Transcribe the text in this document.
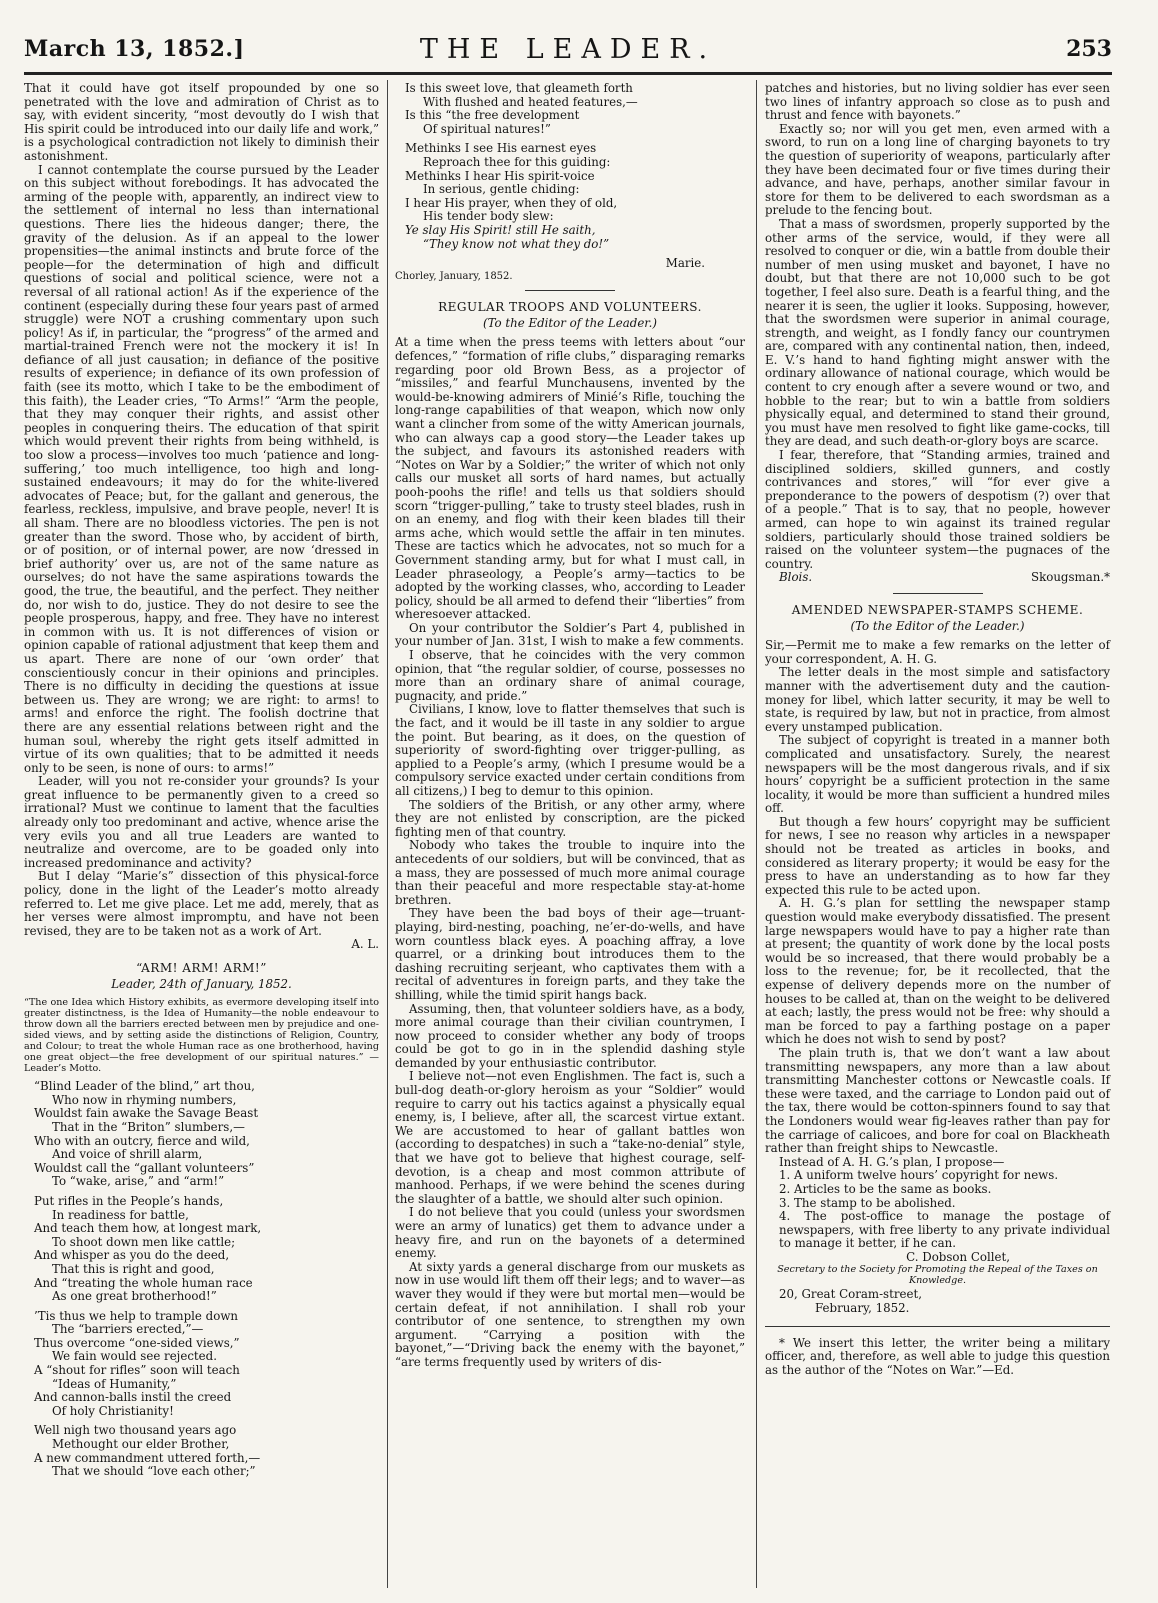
March 13, 1852.]	THE LEADER.	253

That it could have got itself propounded by one so penetrated with the love and admiration of Christ as to say, with evident sincerity, “most devoutly do I wish that His spirit could be introduced into our daily life and work,” is a psychological contradiction not likely to diminish their astonishment.

I cannot contemplate the course pursued by the Leader on this subject without forebodings. It has advocated the arming of the people with, apparently, an indirect view to the settlement of internal no less than international questions. There lies the hideous danger; there, the gravity of the delusion. As if an appeal to the lower propensities—the animal instincts and brute force of the people—for the determination of high and difficult questions of social and political science, were not a reversal of all rational action! As if the experience of the continent (especially during these four years past of armed struggle) were NOT a crushing commentary upon such policy! As if, in particular, the “progress” of the armed and martial-trained French were not the mockery it is! In defiance of all just causation; in defiance of the positive results of experience; in defiance of its own profession of faith (see its motto, which I take to be the embodiment of this faith), the Leader cries, “To Arms!” “Arm the people, that they may conquer their rights, and assist other peoples in conquering theirs. The education of that spirit which would prevent their rights from being withheld, is too slow a process—involves too much ‘patience and long-suffering,’ too much intelligence, too high and long-sustained endeavours; it may do for the white-livered advocates of Peace; but, for the gallant and generous, the fearless, reckless, impulsive, and brave people, never! It is all sham. There are no bloodless victories. The pen is not greater than the sword. Those who, by accident of birth, or of position, or of internal power, are now ‘dressed in brief authority’ over us, are not of the same nature as ourselves; do not have the same aspirations towards the good, the true, the beautiful, and the perfect. They neither do, nor wish to do, justice. They do not desire to see the people prosperous, happy, and free. They have no interest in common with us. It is not differences of vision or opinion capable of rational adjustment that keep them and us apart. There are none of our ‘own order’ that conscientiously concur in their opinions and principles. There is no difficulty in deciding the questions at issue between us. They are wrong; we are right: to arms! to arms! and enforce the right. The foolish doctrine that there are any essential relations between right and the human soul, whereby the right gets itself admitted in virtue of its own qualities; that to be admitted it needs only to be seen, is none of ours: to arms!”

Leader, will you not re-consider your grounds? Is your great influence to be permanently given to a creed so irrational? Must we continue to lament that the faculties already only too predominant and active, whence arise the very evils you and all true Leaders are wanted to neutralize and overcome, are to be goaded only into increased predominance and activity?

But I delay “Marie’s” dissection of this physical-force policy, done in the light of the Leader’s motto already referred to. Let me give place. Let me add, merely, that as her verses were almost impromptu, and have not been revised, they are to be taken not as a work of Art.

A. L.
“ARM! ARM! ARM!”
Leader, 24th of January, 1852.

“The one Idea which History exhibits, as evermore developing itself into greater distinctness, is the Idea of Humanity—the noble endeavour to throw down all the barriers erected between men by prejudice and one-sided views, and by setting aside the distinctions of Religion, Country, and Colour; to treat the whole Human race as one brotherhood, having one great object—the free development of our spiritual natures.” —Leader’s Motto.

“Blind Leader of the blind,” art thou,
Who now in rhyming numbers,
Wouldst fain awake the Savage Beast
That in the “Briton” slumbers,—
Who with an outcry, fierce and wild,
And voice of shrill alarm,
Wouldst call the “gallant volunteers”
To “wake, arise,” and “arm!”
Put rifles in the People’s hands,
In readiness for battle,
And teach them how, at longest mark,
To shoot down men like cattle;
And whisper as you do the deed,
That this is right and good,
And “treating the whole human race
As one great brotherhood!”
’Tis thus we help to trample down
The “barriers erected,”—
Thus overcome “one-sided views,”
We fain would see rejected.
A “shout for rifles” soon will teach
“Ideas of Humanity,”
And cannon-balls instil the creed
Of holy Christianity!
Well nigh two thousand years ago
Methought our elder Brother,
A new commandment uttered forth,—
That we should “love each other;”
Is this sweet love, that gleameth forth
With flushed and heated features,—
Is this “the free development
Of spiritual natures!”
Methinks I see His earnest eyes
Reproach thee for this guiding:
Methinks I hear His spirit-voice
In serious, gentle chiding:
I hear His prayer, when they of old,
His tender body slew:
Ye slay His Spirit! still He saith,
“They know not what they do!”
Marie.
Chorley, January, 1852.
REGULAR TROOPS AND VOLUNTEERS.
(To the Editor of the Leader.)

At a time when the press teems with letters about “our defences,” “formation of rifle clubs,” disparaging remarks regarding poor old Brown Bess, as a projector of “missiles,” and fearful Munchausens, invented by the would-be-knowing admirers of Minié’s Rifle, touching the long-range capabilities of that weapon, which now only want a clincher from some of the witty American journals, who can always cap a good story—the Leader takes up the subject, and favours its astonished readers with “Notes on War by a Soldier;” the writer of which not only calls our musket all sorts of hard names, but actually pooh-poohs the rifle! and tells us that soldiers should scorn “trigger-pulling,” take to trusty steel blades, rush in on an enemy, and flog with their keen blades till their arms ache, which would settle the affair in ten minutes. These are tactics which he advocates, not so much for a Government standing army, but for what I must call, in Leader phraseology, a People’s army—tactics to be adopted by the working classes, who, according to Leader policy, should be all armed to defend their “liberties” from wheresoever attacked.

On your contributor the Soldier’s Part 4, published in your number of Jan. 31st, I wish to make a few comments.

I observe, that he coincides with the very common opinion, that “the regular soldier, of course, possesses no more than an ordinary share of animal courage, pugnacity, and pride.”

Civilians, I know, love to flatter themselves that such is the fact, and it would be ill taste in any soldier to argue the point. But bearing, as it does, on the question of superiority of sword-fighting over trigger-pulling, as applied to a People’s army, (which I presume would be a compulsory service exacted under certain conditions from all citizens,) I beg to demur to this opinion.

The soldiers of the British, or any other army, where they are not enlisted by conscription, are the picked fighting men of that country.

Nobody who takes the trouble to inquire into the antecedents of our soldiers, but will be convinced, that as a mass, they are possessed of much more animal courage than their peaceful and more respectable stay-at-home brethren.

They have been the bad boys of their age—truant-playing, bird-nesting, poaching, ne’er-do-wells, and have worn countless black eyes. A poaching affray, a love quarrel, or a drinking bout introduces them to the dashing recruiting serjeant, who captivates them with a recital of adventures in foreign parts, and they take the shilling, while the timid spirit hangs back.

Assuming, then, that volunteer soldiers have, as a body, more animal courage than their civilian countrymen, I now proceed to consider whether any body of troops could be got to go in in the splendid dashing style demanded by your enthusiastic contributor.

I believe not—not even Englishmen. The fact is, such a bull-dog death-or-glory heroism as your “Soldier” would require to carry out his tactics against a physically equal enemy, is, I believe, after all, the scarcest virtue extant. We are accustomed to hear of gallant battles won (according to despatches) in such a “take-no-denial” style, that we have got to believe that highest courage, self-devotion, is a cheap and most common attribute of manhood. Perhaps, if we were behind the scenes during the slaughter of a battle, we should alter such opinion.

I do not believe that you could (unless your swordsmen were an army of lunatics) get them to advance under a heavy fire, and run on the bayonets of a determined enemy.

At sixty yards a general discharge from our muskets as now in use would lift them off their legs; and to waver—as waver they would if they were but mortal men—would be certain defeat, if not annihilation. I shall rob your contributor of one sentence, to strengthen my own argument. “Carrying a position with the bayonet,”—“Driving back the enemy with the bayonet,” “are terms frequently used by writers of dis-

patches and histories, but no living soldier has ever seen two lines of infantry approach so close as to push and thrust and fence with bayonets.”

Exactly so; nor will you get men, even armed with a sword, to run on a long line of charging bayonets to try the question of superiority of weapons, particularly after they have been decimated four or five times during their advance, and have, perhaps, another similar favour in store for them to be delivered to each swordsman as a prelude to the fencing bout.

That a mass of swordsmen, properly supported by the other arms of the service, would, if they were all resolved to conquer or die, win a battle from double their number of men using musket and bayonet, I have no doubt, but that there are not 10,000 such to be got together, I feel also sure. Death is a fearful thing, and the nearer it is seen, the uglier it looks. Supposing, however, that the swordsmen were superior in animal courage, strength, and weight, as I fondly fancy our countrymen are, compared with any continental nation, then, indeed, E. V.’s hand to hand fighting might answer with the ordinary allowance of national courage, which would be content to cry enough after a severe wound or two, and hobble to the rear; but to win a battle from soldiers physically equal, and determined to stand their ground, you must have men resolved to fight like game-cocks, till they are dead, and such death-or-glory boys are scarce.

I fear, therefore, that “Standing armies, trained and disciplined soldiers, skilled gunners, and costly contrivances and stores,” will “for ever give a preponderance to the powers of despotism (?) over that of a people.” That is to say, that no people, however armed, can hope to win against its trained regular soldiers, particularly should those trained soldiers be raised on the volunteer system—the pugnaces of the country.

Blois.	Skougsman.*
AMENDED NEWSPAPER-STAMPS SCHEME.
(To the Editor of the Leader.)

Sir,—Permit me to make a few remarks on the letter of your correspondent, A. H. G.

The letter deals in the most simple and satisfactory manner with the advertisement duty and the caution-money for libel, which latter security, it may be well to state, is required by law, but not in practice, from almost every unstamped publication.

The subject of copyright is treated in a manner both complicated and unsatisfactory. Surely, the nearest newspapers will be the most dangerous rivals, and if six hours’ copyright be a sufficient protection in the same locality, it would be more than sufficient a hundred miles off.

But though a few hours’ copyright may be sufficient for news, I see no reason why articles in a newspaper should not be treated as articles in books, and considered as literary property; it would be easy for the press to have an understanding as to how far they expected this rule to be acted upon.

A. H. G.’s plan for settling the newspaper stamp question would make everybody dissatisfied. The present large newspapers would have to pay a higher rate than at present; the quantity of work done by the local posts would be so increased, that there would probably be a loss to the revenue; for, be it recollected, that the expense of delivery depends more on the number of houses to be called at, than on the weight to be delivered at each; lastly, the press would not be free: why should a man be forced to pay a farthing postage on a paper which he does not wish to send by post?

The plain truth is, that we don’t want a law about transmitting newspapers, any more than a law about transmitting Manchester cottons or Newcastle coals. If these were taxed, and the carriage to London paid out of the tax, there would be cotton-spinners found to say that the Londoners would wear fig-leaves rather than pay for the carriage of calicoes, and bore for coal on Blackheath rather than freight ships to Newcastle.

Instead of A. H. G.’s plan, I propose—

1. A uniform twelve hours’ copyright for news.
2. Articles to be the same as books.
3. The stamp to be abolished.
4. The post-office to manage the postage of newspapers, with free liberty to any private individual to manage it better, if he can.
C. Dobson Collet,
Secretary to the Society for Promoting the Repeal of the Taxes on Knowledge.
20, Great Coram-street,
February, 1852.

* We insert this letter, the writer being a military officer, and, therefore, as well able to judge this question as the author of the “Notes on War.”—Ed.
